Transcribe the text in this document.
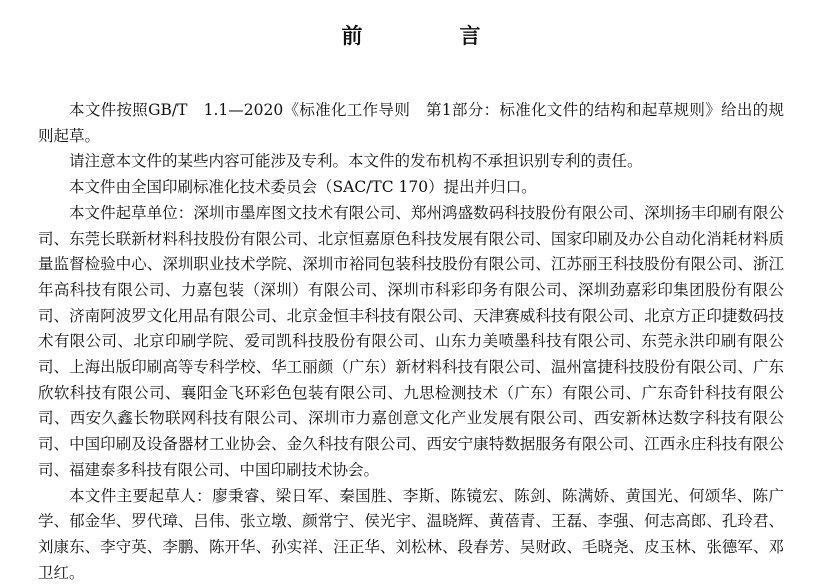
前　言

本文件按照GB/T　1.1—2020《标准化工作导则　第1部分：标准化文件的结构和起草规则》给出的规则起草。

请注意本文件的某些内容可能涉及专利。本文件的发布机构不承担识别专利的责任。

本文件由全国印刷标准化技术委员会（SAC/TC 170）提出并归口。

本文件起草单位：深圳市墨库图文技术有限公司、郑州鸿盛数码科技股份有限公司、深圳扬丰印刷有限公司、东莞长联新材料科技股份有限公司、北京恒嘉原色科技发展有限公司、国家印刷及办公自动化消耗材料质量监督检验中心、深圳职业技术学院、深圳市裕同包装科技股份有限公司、江苏丽王科技股份有限公司、浙江年高科技有限公司、力嘉包装（深圳）有限公司、深圳市科彩印务有限公司、深圳劲嘉彩印集团股份有限公司、济南阿波罗文化用品有限公司、北京金恒丰科技有限公司、天津赛威科技有限公司、北京方正印捷数码技术有限公司、北京印刷学院、爱司凯科技股份有限公司、山东力美喷墨科技有限公司、东莞永洪印刷有限公司、上海出版印刷高等专科学校、华工丽颜（广东）新材料科技有限公司、温州富捷科技股份有限公司、广东欣软科技有限公司、襄阳金飞环彩色包装有限公司、九思检测技术（广东）有限公司、广东奇针科技有限公司、西安久鑫长物联网科技有限公司、深圳市力嘉创意文化产业发展有限公司、西安新林达数字科技有限公司、中国印刷及设备器材工业协会、金久科技有限公司、西安宁康特数据服务有限公司、江西永庄科技有限公司、福建泰多科技有限公司、中国印刷技术协会。

本文件主要起草人：廖秉睿、梁日军、秦国胜、李斯、陈镜宏、陈剑、陈满娇、黄国光、何颂华、陈广学、郁金华、罗代璋、吕伟、张立墩、颜常宁、侯光宇、温晓辉、黄蓓青、王磊、李强、何志高郎、孔玲君、刘康东、李守英、李鹏、陈开华、孙实祥、汪正华、刘松林、段春芳、吴财政、毛晓尧、皮玉林、张德军、邓卫红。
